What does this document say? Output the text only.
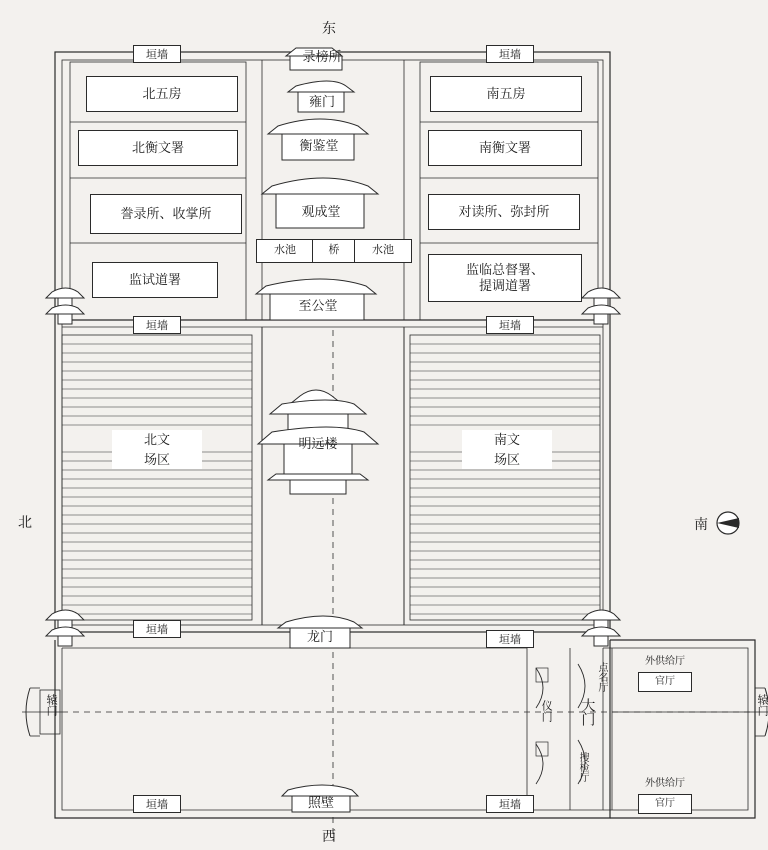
东
西
北	南
垣墙	垣墙
垣墙	垣墙
垣墙
垣墙
垣墙	垣墙
录榜所
雍门
衡鉴堂
观成堂
至公堂
明远楼
龙门
照壁
水池	桥	水池
北五房
北衡文署
誊录所、收掌所
监试道署
南五房
南衡文署
对读所、弥封所
监临总督署、
提调道署
北文
场区
南文
场区
辕门
辕门
仪门 大门
搜检厅
点名厅
外供给厅
官厅
外供给厅
官厅
